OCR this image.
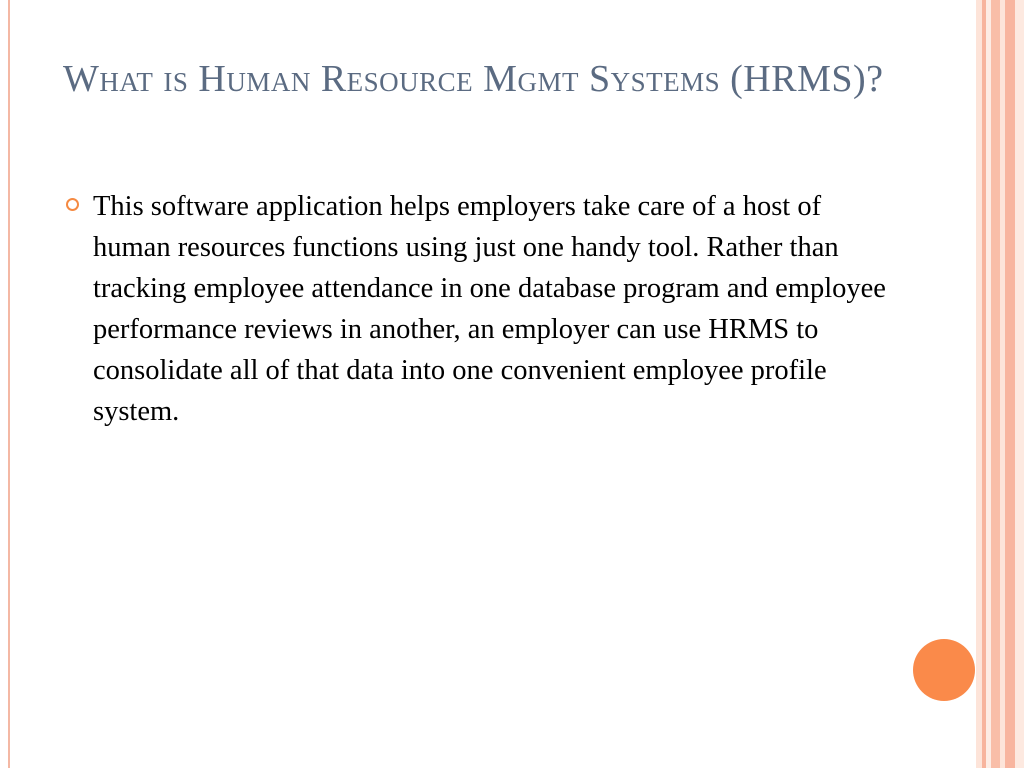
What is Human Resource Mgmt Systems (HRMS)?
This software application helps employers take care of a host of human resources functions using just one handy tool. Rather than tracking employee attendance in one database program and employee performance reviews in another, an employer can use HRMS to consolidate all of that data into one convenient employee profile system.
